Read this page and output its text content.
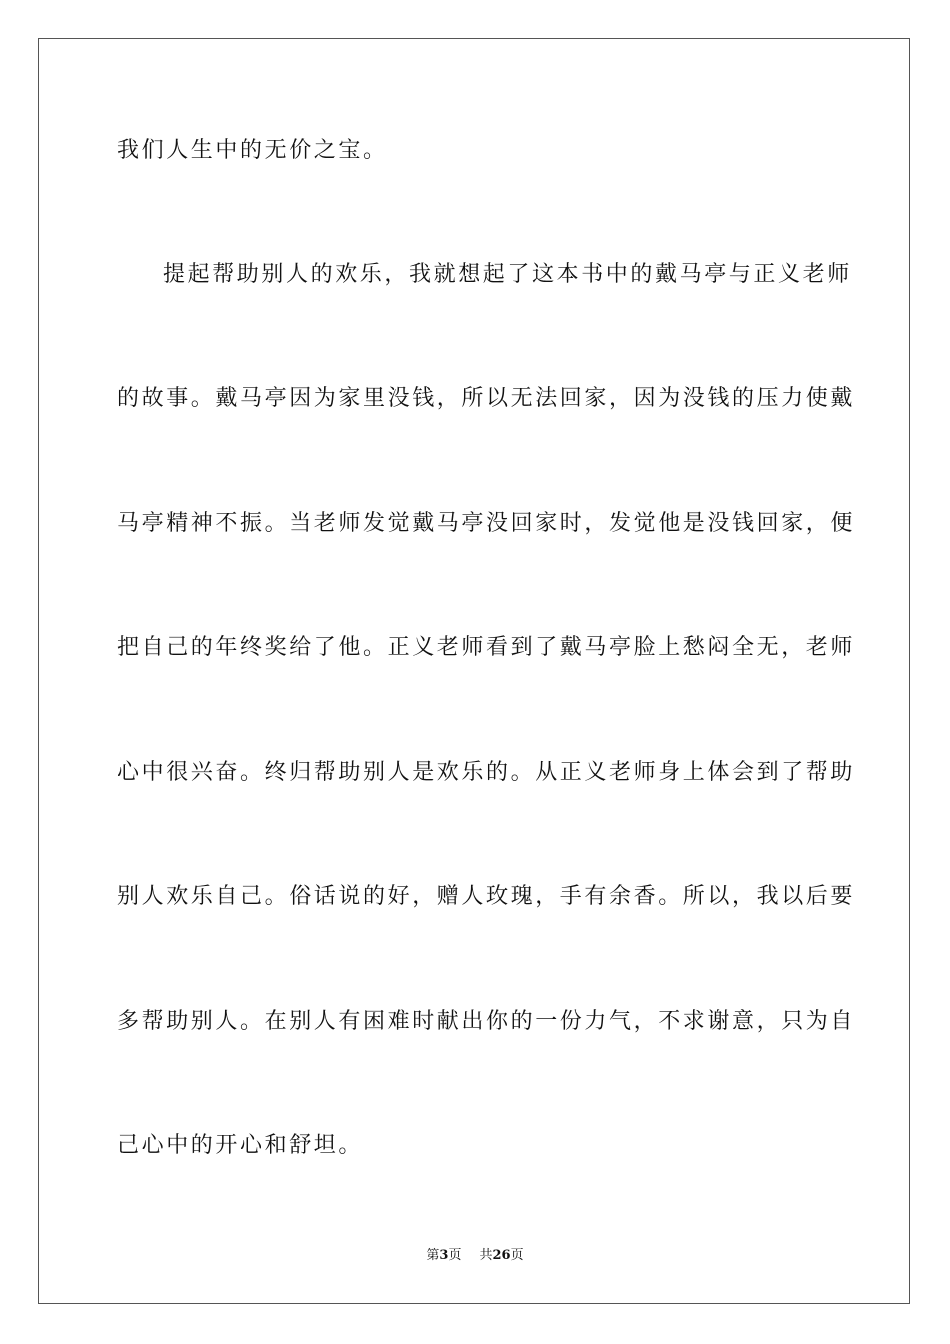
我们人生中的无价之宝。
提起帮助别人的欢乐，我就想起了这本书中的戴马亭与正义老师
的故事。戴马亭因为家里没钱，所以无法回家，因为没钱的压力使戴
马亭精神不振。当老师发觉戴马亭没回家时，发觉他是没钱回家，便
把自己的年终奖给了他。正义老师看到了戴马亭脸上愁闷全无，老师
心中很兴奋。终归帮助别人是欢乐的。从正义老师身上体会到了帮助
别人欢乐自己。俗话说的好，赠人玫瑰，手有余香。所以，我以后要
多帮助别人。在别人有困难时献出你的一份力气，不求谢意，只为自
己心中的开心和舒坦。
第3页 共26页
